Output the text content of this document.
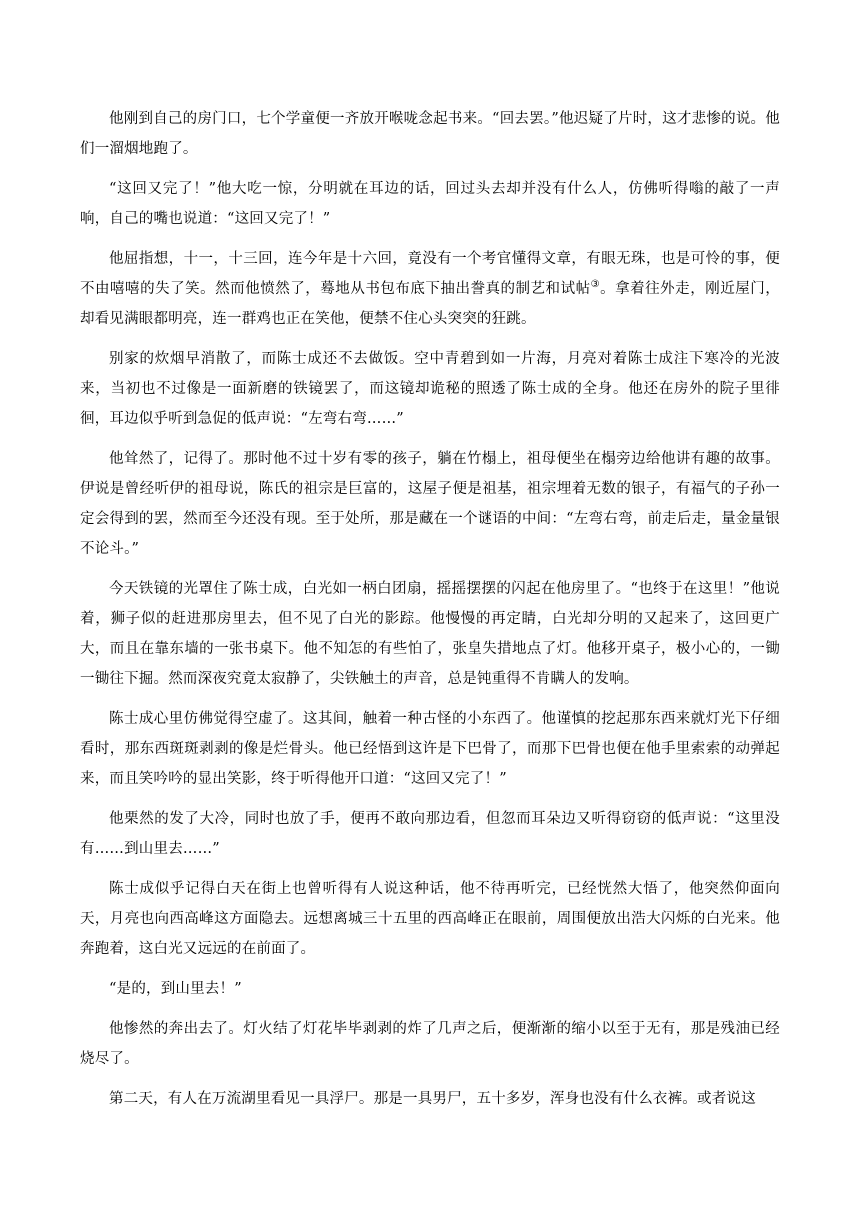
他刚到自己的房门口，七个学童便一齐放开喉咙念起书来。“回去罢。”他迟疑了片时，这才悲惨的说。他们一溜烟地跑了。

“这回又完了！”他大吃一惊，分明就在耳边的话，回过头去却并没有什么人，仿佛听得嗡的敲了一声响，自己的嘴也说道：“这回又完了！”

他屈指想，十一，十三回，连今年是十六回，竟没有一个考官懂得文章，有眼无珠，也是可怜的事，便不由嘻嘻的失了笑。然而他愤然了，蓦地从书包布底下抽出誊真的制艺和试帖③。拿着往外走，刚近屋门，却看见满眼都明亮，连一群鸡也正在笑他，便禁不住心头突突的狂跳。

别家的炊烟早消散了，而陈士成还不去做饭。空中青碧到如一片海，月亮对着陈士成注下寒冷的光波来，当初也不过像是一面新磨的铁镜罢了，而这镜却诡秘的照透了陈士成的全身。他还在房外的院子里徘徊，耳边似乎听到急促的低声说：“左弯右弯……”

他耸然了，记得了。那时他不过十岁有零的孩子，躺在竹榻上，祖母便坐在榻旁边给他讲有趣的故事。伊说是曾经听伊的祖母说，陈氏的祖宗是巨富的，这屋子便是祖基，祖宗埋着无数的银子，有福气的子孙一定会得到的罢，然而至今还没有现。至于处所，那是藏在一个谜语的中间：“左弯右弯，前走后走，量金量银不论斗。”

今天铁镜的光罩住了陈士成，白光如一柄白团扇，摇摇摆摆的闪起在他房里了。“也终于在这里！”他说着，狮子似的赶进那房里去，但不见了白光的影踪。他慢慢的再定睛，白光却分明的又起来了，这回更广大，而且在靠东墙的一张书桌下。他不知怎的有些怕了，张皇失措地点了灯。他移开桌子，极小心的，一锄一锄往下掘。然而深夜究竟太寂静了，尖铁触土的声音，总是钝重得不肯瞒人的发响。

陈士成心里仿佛觉得空虚了。这其间，触着一种古怪的小东西了。他谨慎的挖起那东西来就灯光下仔细看时，那东西斑斑剥剥的像是烂骨头。他已经悟到这许是下巴骨了，而那下巴骨也便在他手里索索的动弹起来，而且笑吟吟的显出笑影，终于听得他开口道：“这回又完了！”

他栗然的发了大冷，同时也放了手，便再不敢向那边看，但忽而耳朵边又听得窃窃的低声说：“这里没有……到山里去……”

陈士成似乎记得白天在街上也曾听得有人说这种话，他不待再听完，已经恍然大悟了，他突然仰面向天，月亮也向西高峰这方面隐去。远想离城三十五里的西高峰正在眼前，周围便放出浩大闪烁的白光来。他奔跑着，这白光又远远的在前面了。

“是的，到山里去！”

他惨然的奔出去了。灯火结了灯花毕毕剥剥的炸了几声之后，便渐渐的缩小以至于无有，那是残油已经烧尽了。

第二天，有人在万流湖里看见一具浮尸。那是一具男尸，五十多岁，浑身也没有什么衣裤。或者说这
